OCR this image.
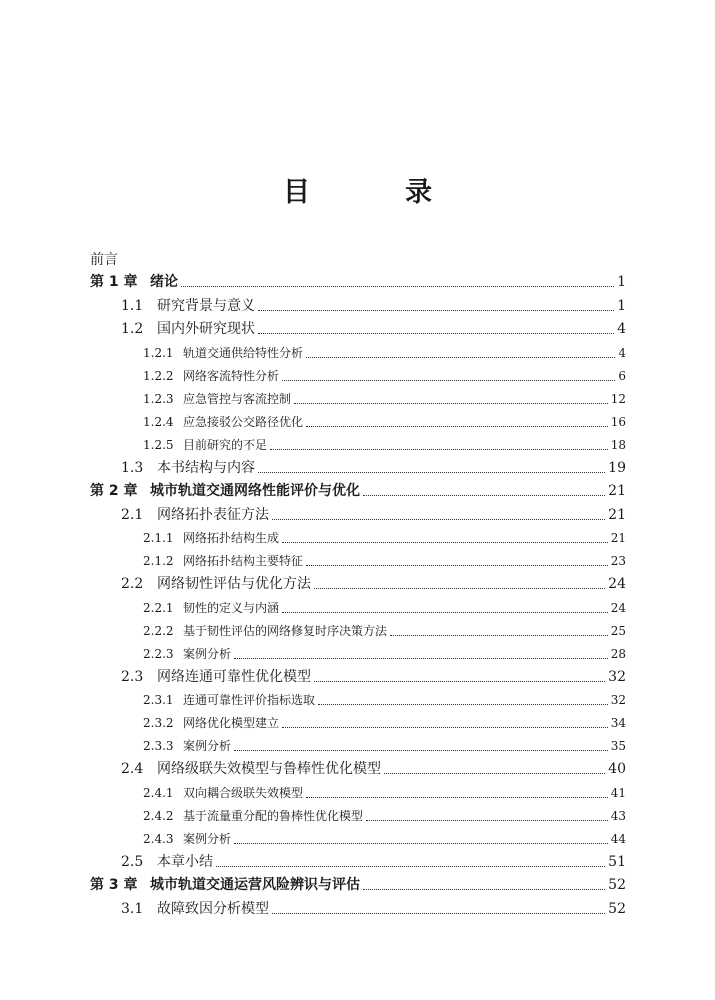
目　录
前言
第 1 章 绪论	1
1.1 研究背景与意义	1
1.2 国内外研究现状	4
1.2.1 轨道交通供给特性分析	4
1.2.2 网络客流特性分析	6
1.2.3 应急管控与客流控制	12
1.2.4 应急接驳公交路径优化	16
1.2.5 目前研究的不足	18
1.3 本书结构与内容	19
第 2 章 城市轨道交通网络性能评价与优化	21
2.1 网络拓扑表征方法	21
2.1.1 网络拓扑结构生成	21
2.1.2 网络拓扑结构主要特征	23
2.2 网络韧性评估与优化方法	24
2.2.1 韧性的定义与内涵	24
2.2.2 基于韧性评估的网络修复时序决策方法	25
2.2.3 案例分析	28
2.3 网络连通可靠性优化模型	32
2.3.1 连通可靠性评价指标选取	32
2.3.2 网络优化模型建立	34
2.3.3 案例分析	35
2.4 网络级联失效模型与鲁棒性优化模型	40
2.4.1 双向耦合级联失效模型	41
2.4.2 基于流量重分配的鲁棒性优化模型	43
2.4.3 案例分析	44
2.5 本章小结	51
第 3 章 城市轨道交通运营风险辨识与评估	52
3.1 故障致因分析模型	52
